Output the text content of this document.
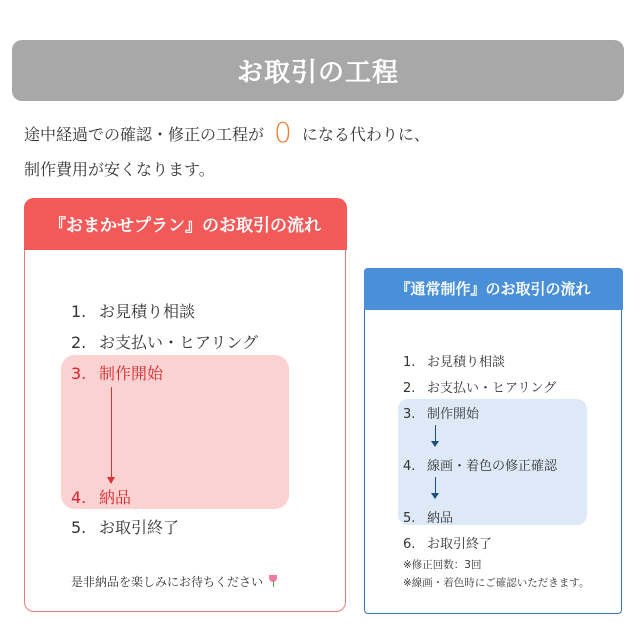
お取引の工程
途中経過での確認・修正の工程が 0 になる代わりに、
制作費用が安くなります。
『おまかせプラン』のお取引の流れ
1. お見積り相談
2. お支払い・ヒアリング
3. 制作開始
4. 納品
5. お取引終了
是非納品を楽しみにお待ちください
『通常制作』のお取引の流れ
1. お見積り相談
2. お支払い・ヒアリング
3. 制作開始
4. 線画・着色の修正確認
5. 納品
6. お取引終了
※修正回数：3回
※線画・着色時にご確認いただきます。
